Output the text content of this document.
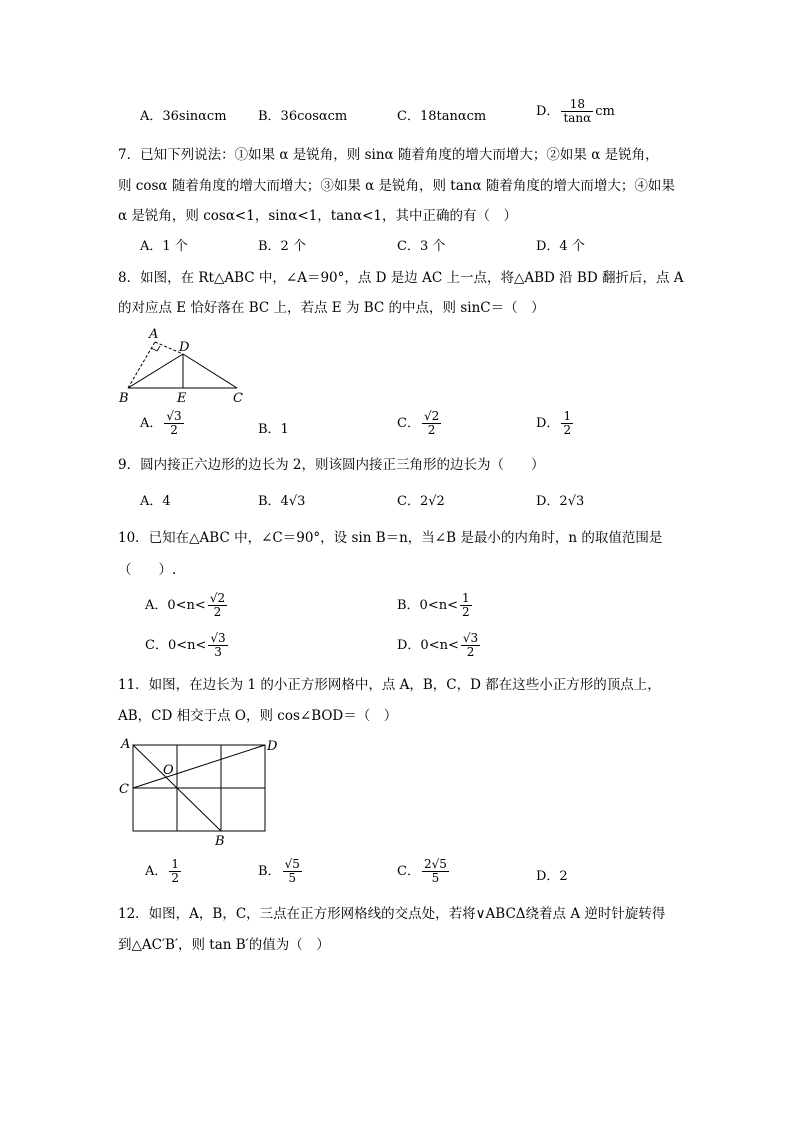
A．36sinαcm B．36cosαcm	C．18tanαcm	D． $\frac{18}{\tan\alpha}$ cm
7．已知下列说法：①如果 α 是锐角，则 sinα 随着角度的增大而增大；②如果 α 是锐角，
则 cosα 随着角度的增大而增大；③如果 α 是锐角，则 tanα 随着角度的增大而增大；④如果
α 是锐角，则 cosα<1，sinα<1，tanα<1，其中正确的有（　）
A．1 个	B．2 个	C．3 个	D．4 个
8．如图，在 Rt△ABC 中，∠A＝90°，点 D 是边 AC 上一点，将△ABD 沿 BD 翻折后，点 A
的对应点 E 恰好落在 BC 上，若点 E 为 BC 的中点，则 sinC＝（　）
A
D
B	E	C
A． $\frac{√3}{2}$	B．1	C． $\frac{√2}{2}$	D． $\frac{1}{2}$
9．圆内接正六边形的边长为 2，则该圆内接正三角形的边长为（　　）
A．4	B．4√3	C．2√2	D．2√3
10．已知在△ABC 中，∠C＝90°，设 sin B＝n，当∠B 是最小的内角时，n 的取值范围是
（　　）.
A．$0<n< \frac{√2}{2}$	B．$0<n< \frac{1}{2}$
C．$0<n< \frac{√3}{3}$	D．$0<n< \frac{√3}{2}$
11．如图，在边长为 1 的小正方形网格中，点 A，B，C，D 都在这些小正方形的顶点上，
AB，CD 相交于点 O，则 cos∠BOD＝（　）
A	D
O
C
B
A． $\frac{1}{2}$	B． $\frac{√5}{5}$	C． $\frac{2√5}{5}$	D．2
12．如图，A，B，C，三点在正方形网格线的交点处，若将∨ABCΔ绕着点 A 逆时针旋转得
到△AC′B′，则 tan B′的值为（　）
